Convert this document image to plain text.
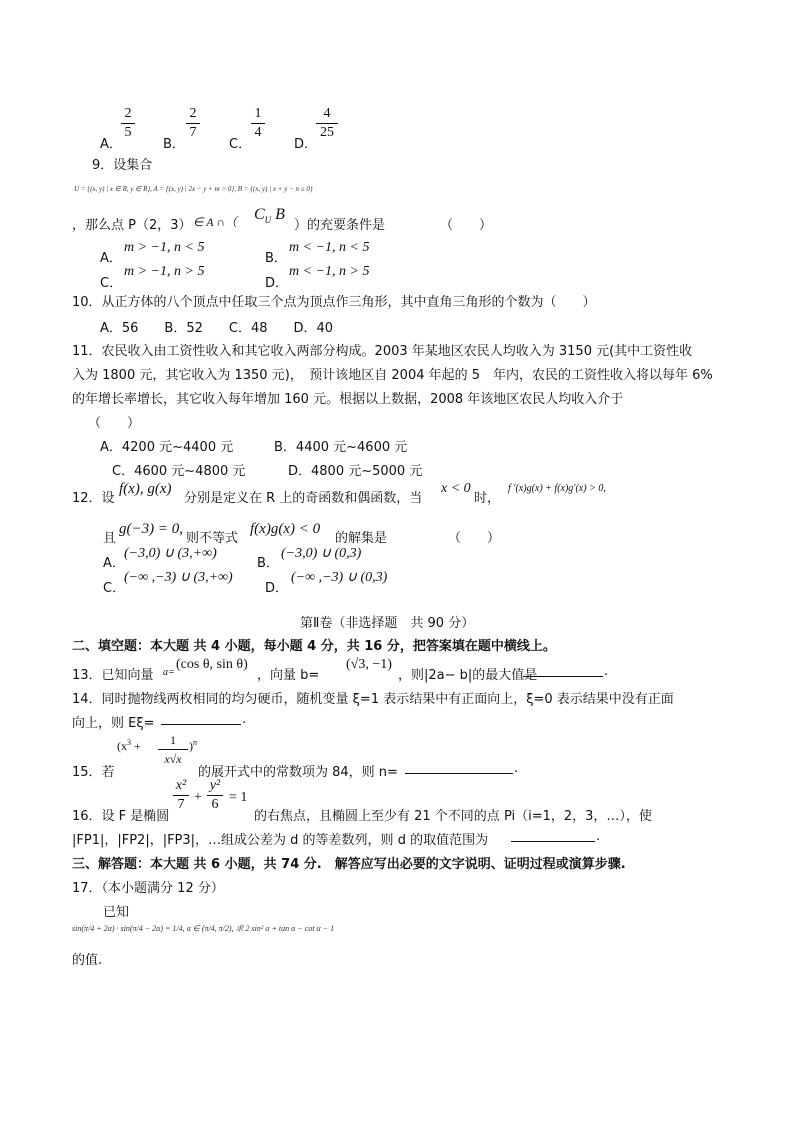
A．
2
5
B．
2
7
C．
1
4
D．
4
25
9．设集合
U = {(x, y) | x ∈ R, y ∈ R}, A = {(x, y) | 2x − y + m > 0}, B = {(x, y) | x + y − n ≤ 0}
，那么点 P（2，3） ∈ A ∩（ $C_U$ B
）的充要条件是	（　　）
A．
m > −1, n < 5
B．
m < −1, n < 5
C．
m > −1, n > 5
D．
m < −1, n > 5
10．从正方体的八个顶点中任取三个点为顶点作三角形，其中直角三角形的个数为（　　）
A．56　　B．52　　C．48　　D．40
11．农民收入由工资性收入和其它收入两部分构成。2003 年某地区农民人均收入为 3150 元(其中工资性收
入为 1800 元，其它收入为 1350 元)，　预计该地区自 2004 年起的 5　年内，农民的工资性收入将以每年 6%
的年增长率增长，其它收入每年增加 160 元。根据以上数据，2008 年该地区农民人均收入介于
（　　）
A．4200 元~4400 元	B．4400 元~4600 元
C．4600 元~4800 元	D．4800 元~5000 元
12．设
f(x), g(x)
分别是定义在 R 上的奇函数和偶函数，当
x < 0
时，
f ′(x)g(x) + f(x)g′(x) > 0,
且
g(−3) = 0,
则不等式
f(x)g(x) < 0
的解集是	（　　）
A．
(−3,0) ∪ (3,+∞)
B．
(−3,0) ∪ (0,3)
C．
(−∞ ,−3) ∪ (3,+∞)
D．
(−∞ ,−3) ∪ (0,3)
第Ⅱ卷（非选择题　共 90 分）
二、填空题：本大题 共 4 小题，每小题 4 分，共 16 分，把答案填在题中横线上。
13．已知向量 a=
(cos θ, sin θ)
，向量 b=
(√3, −1)
，则|2a− b|的最大值是	.
14．同时抛物线两枚相同的均匀硬币，随机变量 ξ=1 表示结果中有正面向上，ξ=0 表示结果中没有正面
向上，则 Eξ=	.
15．若
($x^3$ +	1
x√x
)$^n$
的展开式中的常数项为 84，则 n=	.
16．设 F 是椭圆
x²
7 +
y²
6 = 1
的右焦点，且椭圆上至少有 21 个不同的点 Pi（i=1，2，3，…），使
|FP1|，|FP2|，|FP3|，…组成公差为 d 的等差数列，则 d 的取值范围为	.
三、解答题：本大题 共 6 小题，共 74 分.　解答应写出必要的文字说明、证明过程或演算步骤.
17．（本小题满分 12 分）
已知
sin(π/4 + 2α) · sin(π/4 − 2α) = 1/4, α ∈ (π/4, π/2), 求 2 sin² α + tan α − cot α − 1
的值.
